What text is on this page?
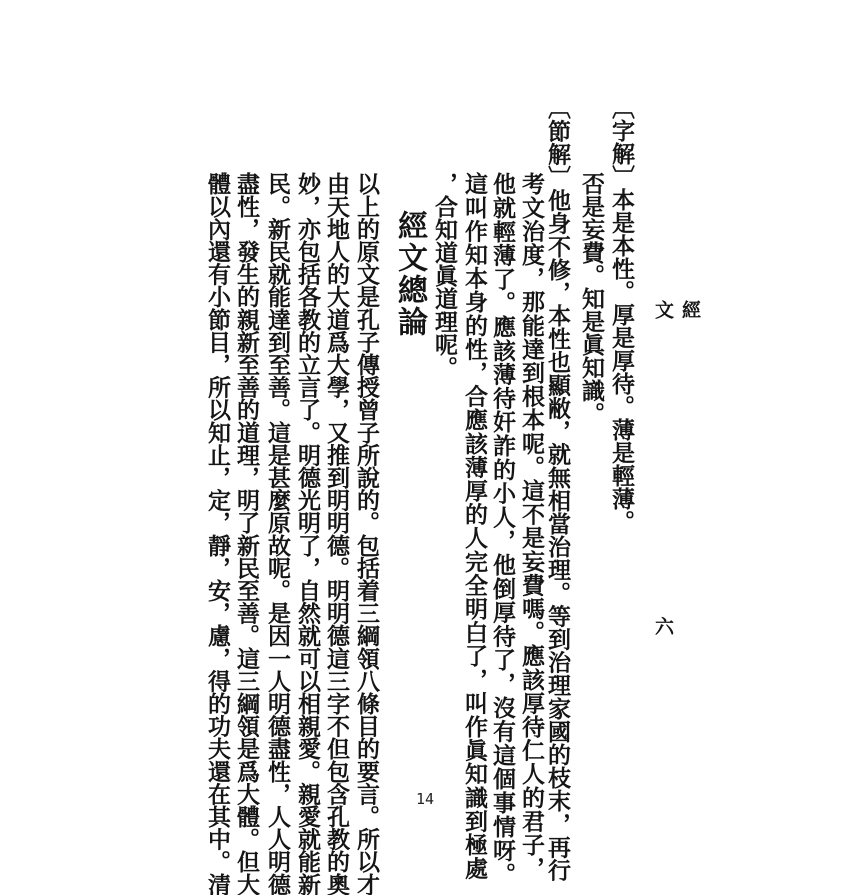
經 文
六
〔字解〕本是本性。厚是厚待。薄是輕薄。
否是妄費。知是眞知識。
〔節解〕他身不修，本性也顯敝，就無相當治理。等到治理家國的枝末，再行
考文治度，那能達到根本呢。這不是妄費嗎。應該厚待仁人的君子，
他就輕薄了。應該薄待奸詐的小人，他倒厚待了，沒有這個事情呀。
這叫作知本身的性，合應該薄厚的人完全明白了，叫作眞知識到極處
，合知道眞道理呢。
經文總論
以上的原文是孔子傳授曾子所說的。包括着三綱領八條目的要言。所以才
由天地人的大道爲大學，又推到明明德。明明德這三字不但包含孔教的奧
妙，亦包括各教的立言了。明德光明了，自然就可以相親愛。親愛就能新
民。新民就能達到至善。這是甚麼原故呢。是因一人明德盡性，人人明德
盡性，發生的親新至善的道理，明了新民至善。這三綱領是爲大體。但大
體以內還有小節目，所以知止，定，靜，安，慮，得的功夫還在其中。清	14
